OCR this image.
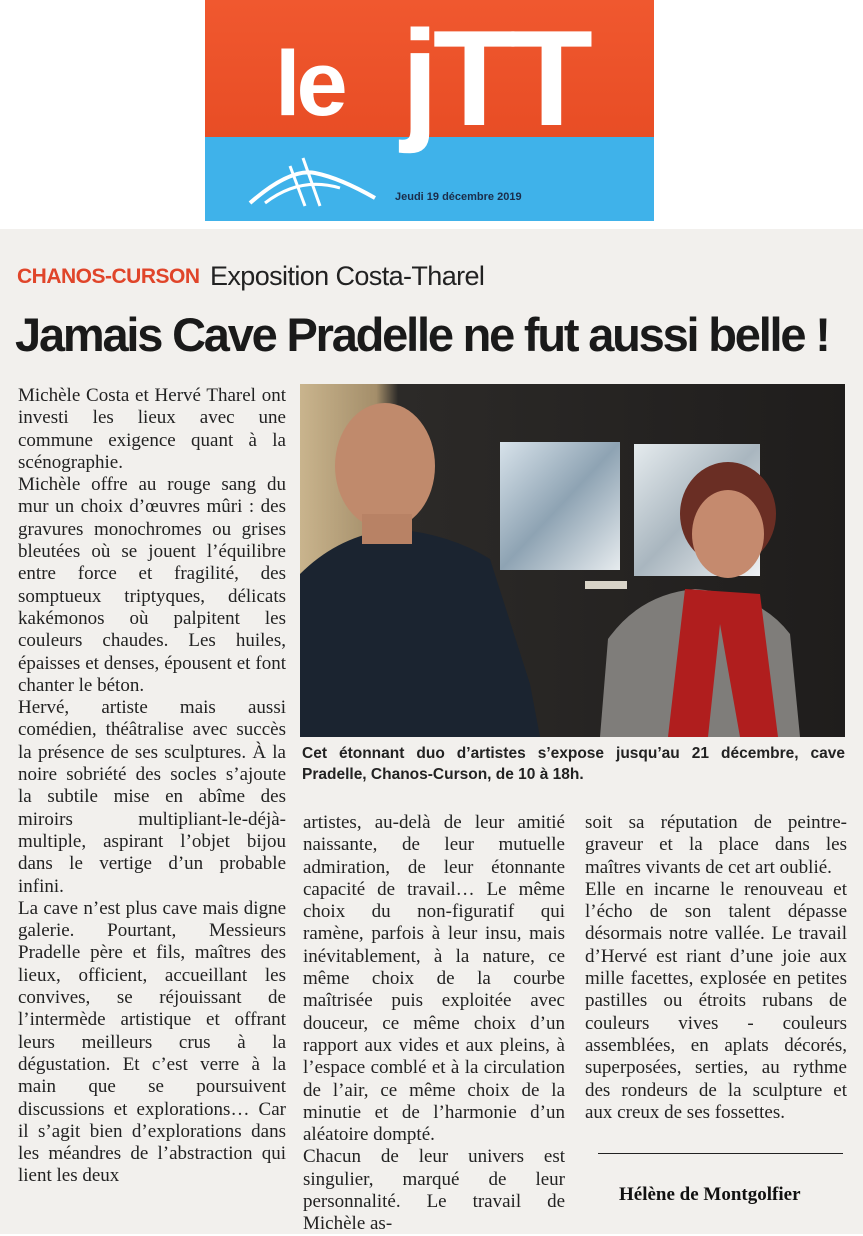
le jTT
Jeudi 19 décembre 2019
CHANOS-CURSON Exposition Costa-Tharel
Jamais Cave Pradelle ne fut aussi belle !

Michèle Costa et Hervé Tharel ont investi les lieux avec une commune exigence quant à la scénographie.

Michèle offre au rouge sang du mur un choix d’œuvres mûri : des gravures monochromes ou grises bleutées où se jouent l’équilibre entre force et fragilité, des somptueux triptyques, délicats kakémonos où palpitent les couleurs chaudes. Les huiles, épaisses et denses, épousent et font chanter le béton.

Hervé, artiste mais aussi comédien, théâtralise avec succès la présence de ses sculptures. À la noire sobriété des socles s’ajoute la subtile mise en abîme des miroirs multipliant-le-déjà-multiple, aspirant l’objet bijou dans le vertige d’un probable infini.

La cave n’est plus cave mais digne galerie. Pourtant, Messieurs Pradelle père et fils, maîtres des lieux, officient, accueillant les convives, se réjouissant de l’intermède artistique et offrant leurs meilleurs crus à la dégustation. Et c’est verre à la main que se poursuivent discussions et explorations… Car il s’agit bien d’explorations dans les méandres de l’abstraction qui lient les deux

Cet étonnant duo d’artistes s’expose jusqu’au 21 décembre, cave Pradelle, Chanos-Curson, de 10 à 18h.

artistes, au-delà de leur amitié naissante, de leur mutuelle admiration, de leur étonnante capacité de travail… Le même choix du non-figuratif qui ramène, parfois à leur insu, mais inévitablement, à la nature, ce même choix de la courbe maîtrisée puis exploitée avec douceur, ce même choix d’un rapport aux vides et aux pleins, à l’espace comblé et à la circulation de l’air, ce même choix de la minutie et de l’harmonie d’un aléatoire dompté.

Chacun de leur univers est singulier, marqué de leur personnalité. Le travail de Michèle as-

soit sa réputation de peintre-graveur et la place dans les maîtres vivants de cet art oublié.

Elle en incarne le renouveau et l’écho de son talent dépasse désormais notre vallée. Le travail d’Hervé est riant d’une joie aux mille facettes, explosée en petites pastilles ou étroits rubans de couleurs vives - couleurs assemblées, en aplats décorés, superposées, serties, au rythme des rondeurs de la sculpture et aux creux de ses fossettes.

Hélène de Montgolfier
